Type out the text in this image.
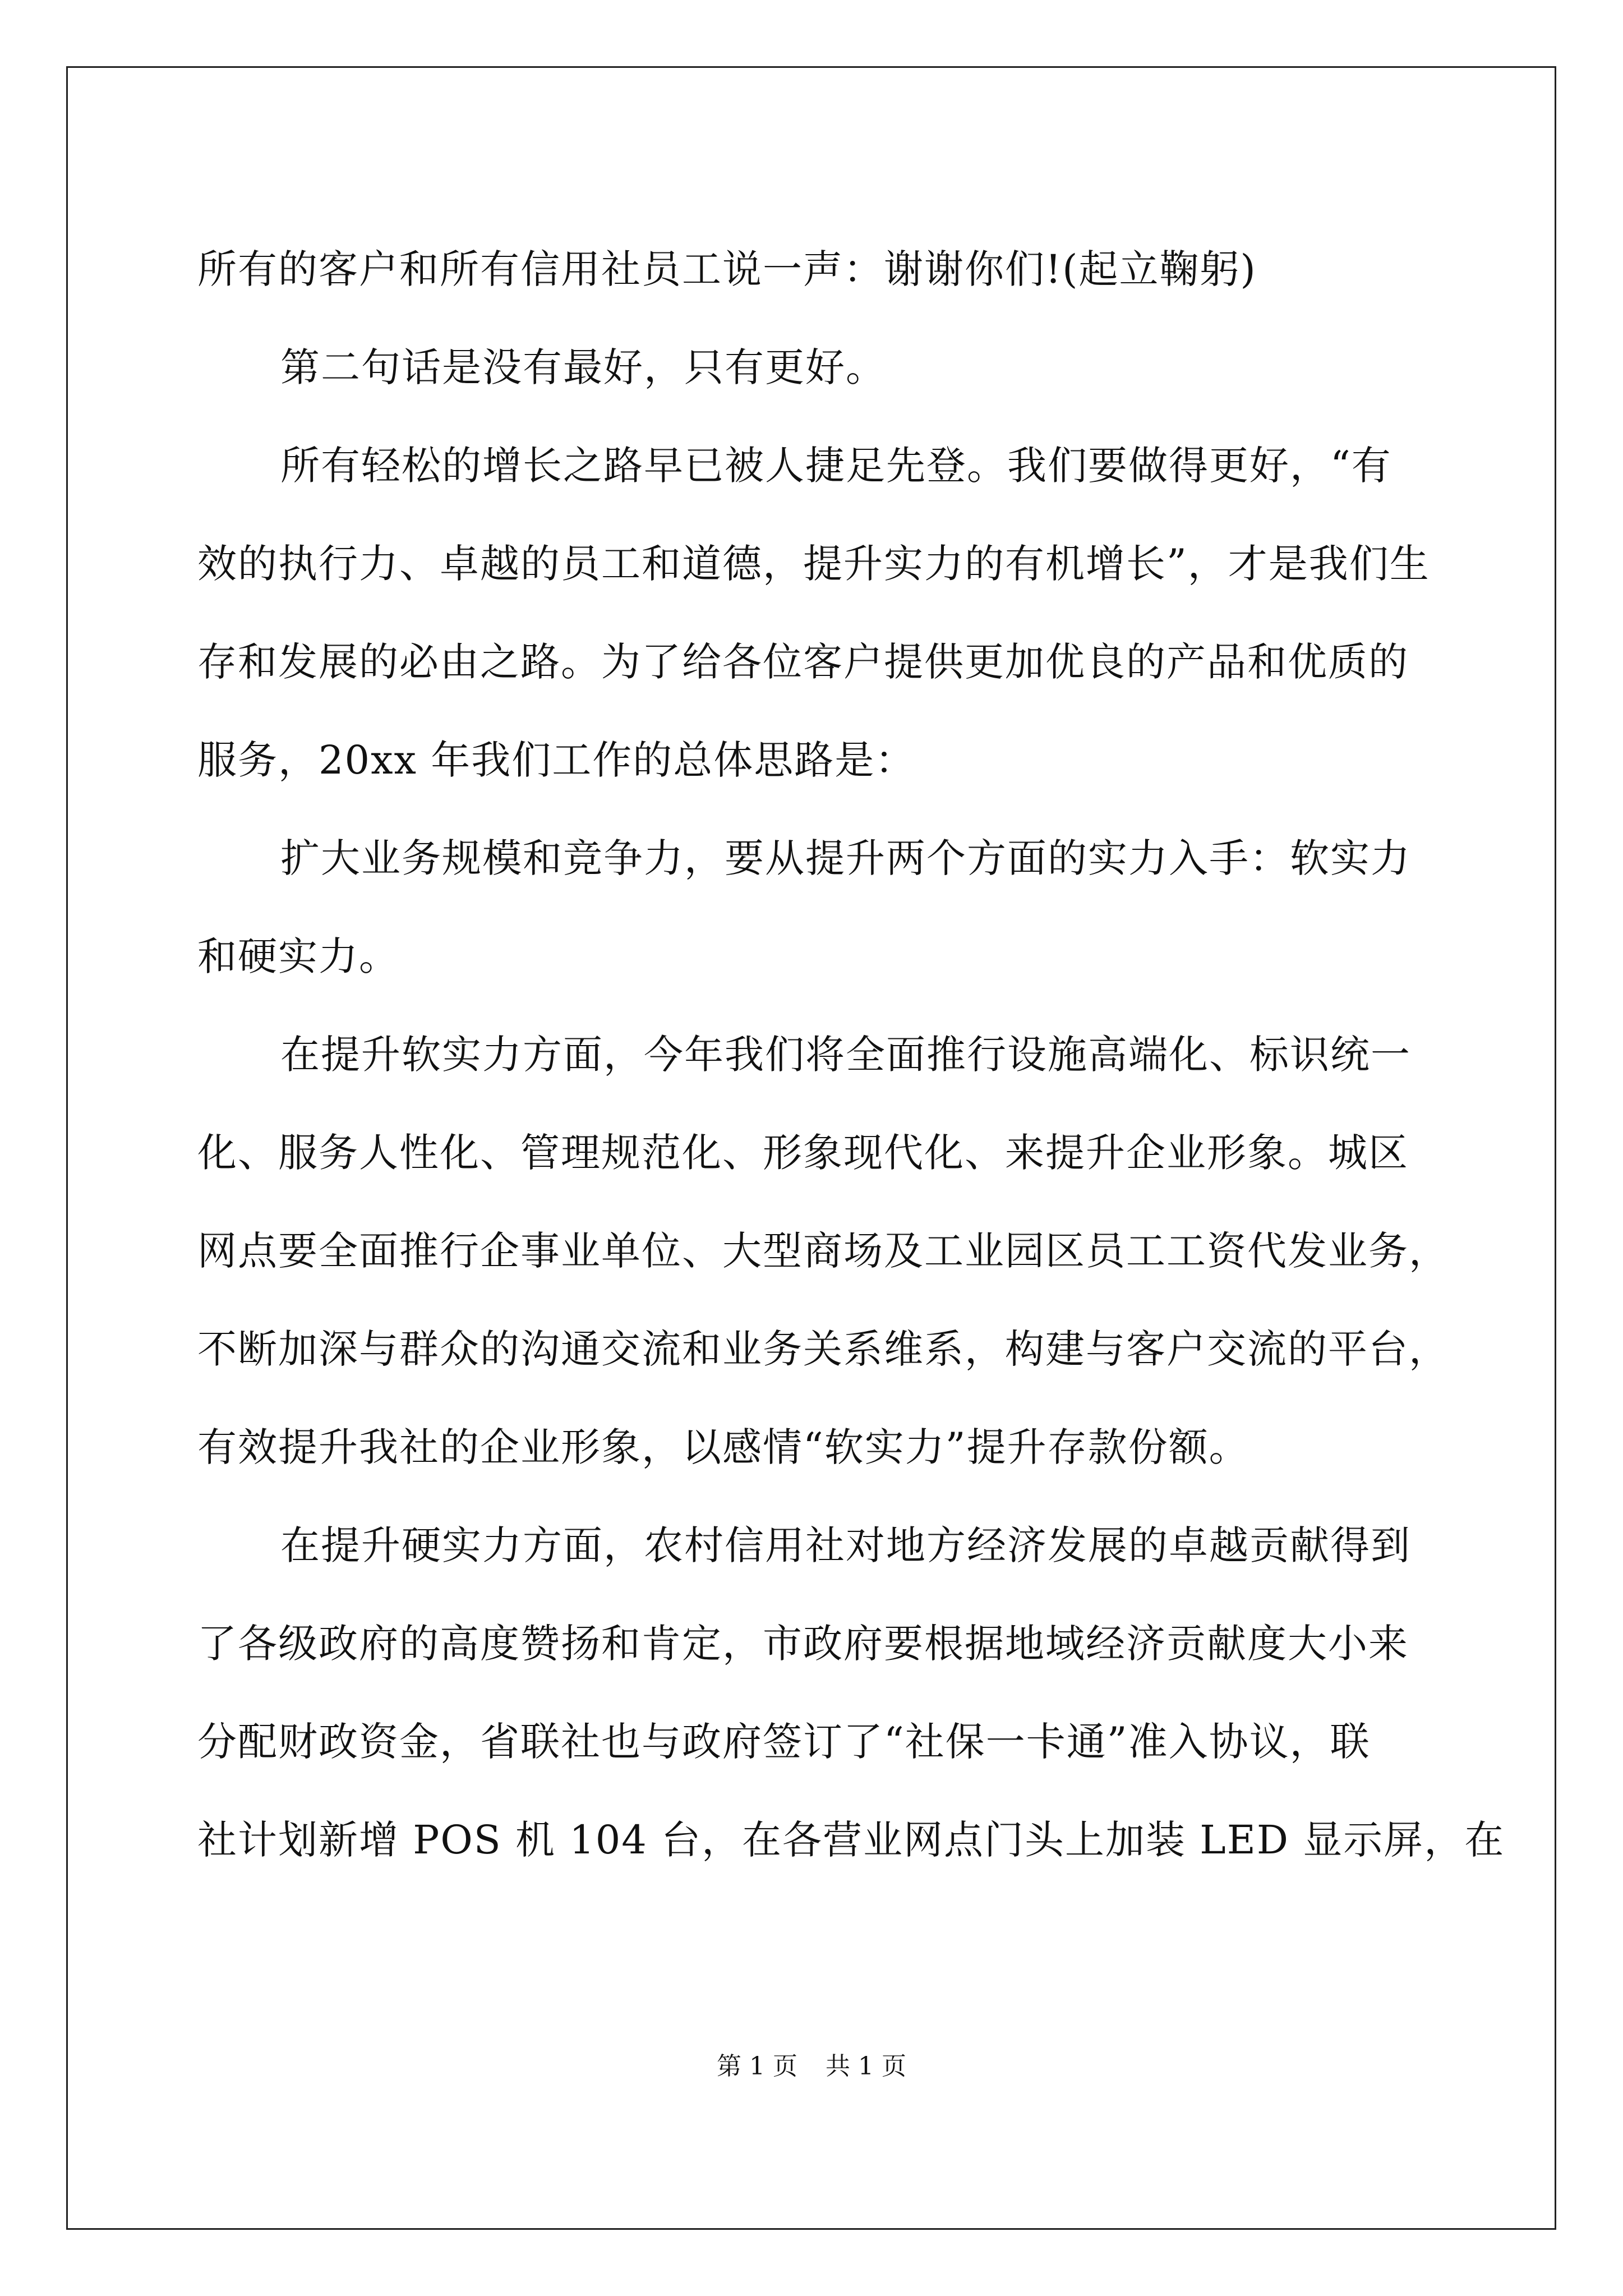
所有的客户和所有信用社员工说一声：谢谢你们!(起立鞠躬)
第二句话是没有最好，只有更好。
所有轻松的增长之路早已被人捷足先登。我们要做得更好，“有
效的执行力、卓越的员工和道德，提升实力的有机增长”，才是我们生
存和发展的必由之路。为了给各位客户提供更加优良的产品和优质的
服务，20xx 年我们工作的总体思路是：
扩大业务规模和竞争力，要从提升两个方面的实力入手：软实力
和硬实力。
在提升软实力方面，今年我们将全面推行设施高端化、标识统一
化、服务人性化、管理规范化、形象现代化、来提升企业形象。城区
网点要全面推行企事业单位、大型商场及工业园区员工工资代发业务，
不断加深与群众的沟通交流和业务关系维系，构建与客户交流的平台，
有效提升我社的企业形象，以感情“软实力”提升存款份额。
在提升硬实力方面，农村信用社对地方经济发展的卓越贡献得到
了各级政府的高度赞扬和肯定，市政府要根据地域经济贡献度大小来
分配财政资金，省联社也与政府签订了“社保一卡通”准入协议，联
社计划新增 POS 机 104 台，在各营业网点门头上加装 LED 显示屏，在
第 1 页 共 1 页
